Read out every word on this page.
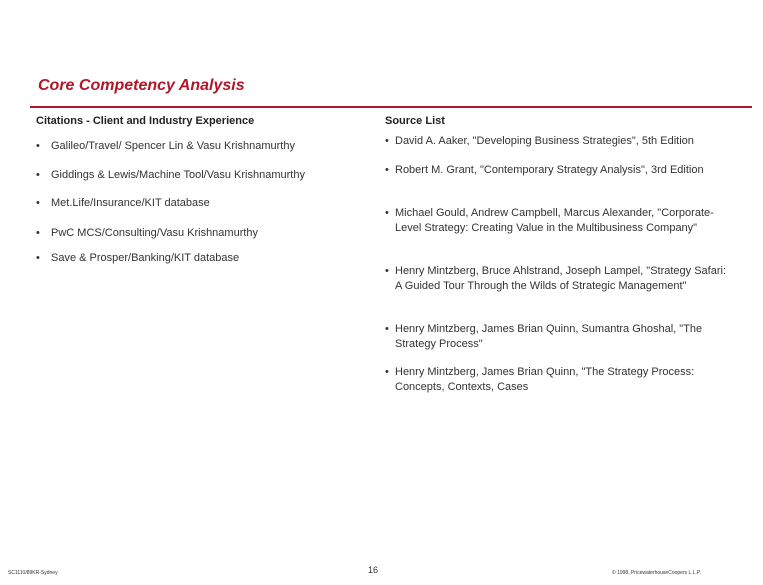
Core Competency Analysis
Citations - Client and Industry Experience	Source List
•	Galileo/Travel/ Spencer Lin & Vasu Krishnamurthy
•	Giddings & Lewis/Machine Tool/Vasu Krishnamurthy
•	Met.Life/Insurance/KIT database
•	PwC MCS/Consulting/Vasu Krishnamurthy
•	Save & Prosper/Banking/KIT database
• David A. Aaker, "Developing Business Strategies", 5th Edition
• Robert M. Grant, "Contemporary Strategy Analysis", 3rd Edition
• Michael Gould, Andrew Campbell, Marcus Alexander, "Corporate-Level Strategy: Creating Value in the Multibusiness Company"
• Henry Mintzberg, Bruce Ahlstrand, Joseph Lampel, "Strategy Safari: A Guided Tour Through the Wilds of Strategic Management"
• Henry Mintzberg, James Brian Quinn, Sumantra Ghoshal, "The Strategy Process"
• Henry Mintzberg, James Brian Quinn, "The Strategy Process: Concepts, Contexts, Cases
SC1110/89KR-Sydney	16	© 1998, PricewaterhouseCoopers L.L.P.
